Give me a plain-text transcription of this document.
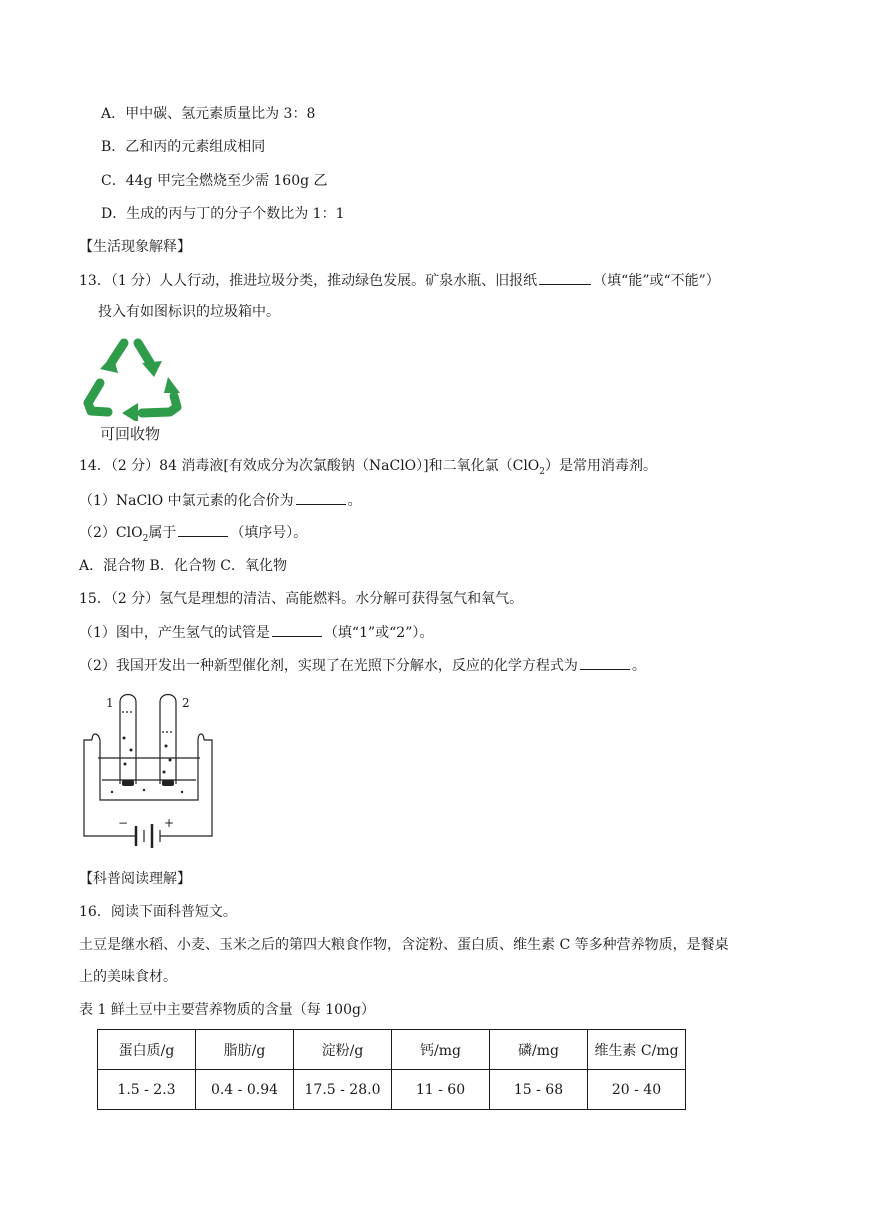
A．甲中碳、氢元素质量比为 3：8
B．乙和丙的元素组成相同
C．44g 甲完全燃烧至少需 160g 乙
D．生成的丙与丁的分子个数比为 1：1
【生活现象解释】
13．（1 分）人人行动，推进垃圾分类，推动绿色发展。矿泉水瓶、旧报纸	（填“能”或“不能”）
投入有如图标识的垃圾箱中。
可回收物
14．（2 分）84 消毒液[有效成分为次氯酸钠（NaClO）]和二氧化氯（ClO$_2$）是常用消毒剂。
（1）NaClO 中氯元素的化合价为	。
（2）ClO$_2$属于	（填序号）。
A．混合物 B．化合物 C．氧化物
15．（2 分）氢气是理想的清洁、高能燃料。水分解可获得氢气和氧气。
（1）图中，产生氢气的试管是	（填“1”或“2”）。
（2）我国开发出一种新型催化剂，实现了在光照下分解水，反应的化学方程式为	。
1	2
−	+
【科普阅读理解】
16．阅读下面科普短文。
土豆是继水稻、小麦、玉米之后的第四大粮食作物，含淀粉、蛋白质、维生素 C 等多种营养物质，是餐桌
上的美味食材。
表 1 鲜土豆中主要营养物质的含量（每 100g）
蛋白质/g	脂肪/g	淀粉/g	钙/mg	磷/mg	维生素 C/mg
1.5 - 2.3	0.4 - 0.94	17.5 - 28.0	11 - 60	15 - 68	20 - 40
